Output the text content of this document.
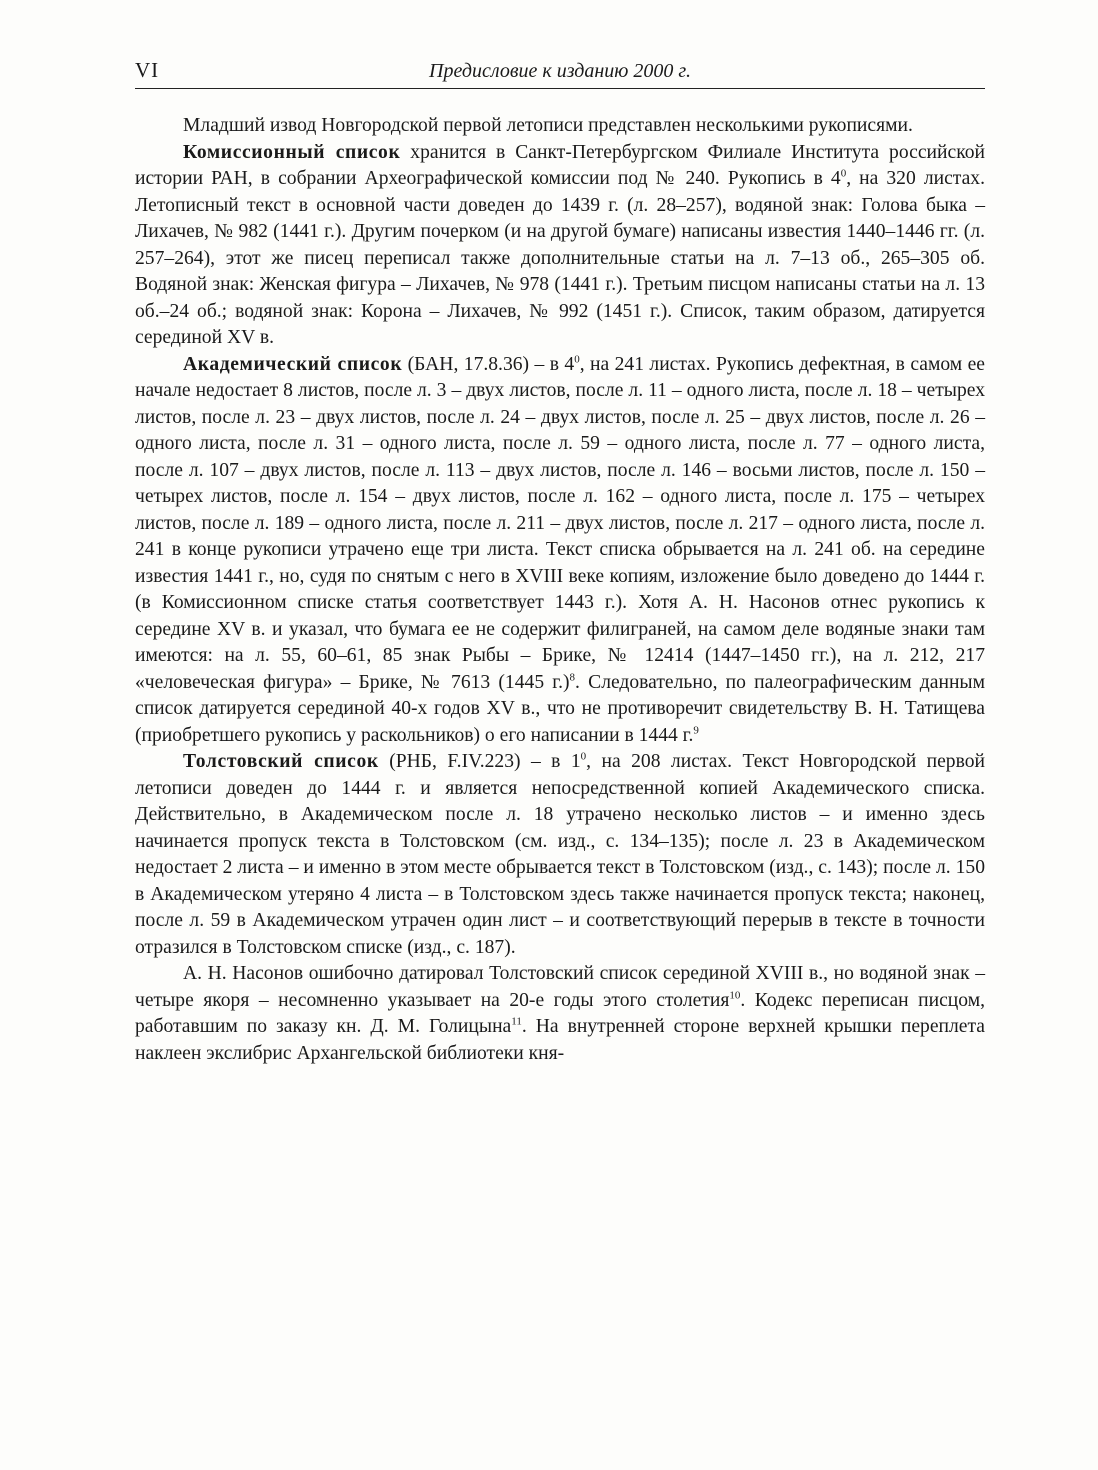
VI	Предисловие к изданию 2000 г.

Младший извод Новгородской первой летописи представлен несколькими рукописями.

Комиссионный список хранится в Санкт-Петербургском Филиале Института российской истории РАН, в собрании Археографической комиссии под № 240. Рукопись в $4^0$, на 320 листах. Летописный текст в основной части доведен до 1439 г. (л. 28–257), водяной знак: Голова быка – Лихачев, № 982 (1441 г.). Другим почерком (и на другой бумаге) написаны известия 1440–1446 гг. (л. 257–264), этот же писец переписал также дополнительные статьи на л. 7–13 об., 265–305 об. Водяной знак: Женская фигура – Лихачев, № 978 (1441 г.). Третьим писцом написаны статьи на л. 13 об.–24 об.; водяной знак: Корона – Лихачев, № 992 (1451 г.). Список, таким образом, датируется серединой XV в.

Академический список (БАН, 17.8.36) – в $4^0$, на 241 листах. Рукопись дефектная, в самом ее начале недостает 8 листов, после л. 3 – двух листов, после л. 11 – одного листа, после л. 18 – четырех листов, после л. 23 – двух листов, после л. 24 – двух листов, после л. 25 – двух листов, после л. 26 – одного листа, после л. 31 – одного листа, после л. 59 – одного листа, после л. 77 – одного листа, после л. 107 – двух листов, после л. 113 – двух листов, после л. 146 – восьми листов, после л. 150 – четырех листов, после л. 154 – двух листов, после л. 162 – одного листа, после л. 175 – четырех листов, после л. 189 – одного листа, после л. 211 – двух листов, после л. 217 – одного листа, после л. 241 в конце рукописи утрачено еще три листа. Текст списка обрывается на л. 241 об. на середине известия 1441 г., но, судя по снятым с него в XVIII веке копиям, изложение было доведено до 1444 г. (в Комиссионном списке статья соответствует 1443 г.). Хотя А. Н. Насонов отнес рукопись к середине XV в. и указал, что бумага ее не содержит филиграней, на самом деле водяные знаки там имеются: на л. 55, 60–61, 85 знак Рыбы – Брике, № 12414 (1447–1450 гг.), на л. 212, 217 «человеческая фигура» – Брике, № 7613 (1445 г.)$^8$. Следовательно, по палеографическим данным список датируется серединой 40-х годов XV в., что не противоречит свидетельству В. Н. Татищева (приобретшего рукопись у раскольников) о его написании в 1444 г.$^9$

Толстовский список (РНБ, F.IV.223) – в $1^0$, на 208 листах. Текст Новгородской первой летописи доведен до 1444 г. и является непосредственной копией Академического списка. Действительно, в Академическом после л. 18 утрачено несколько листов – и именно здесь начинается пропуск текста в Толстовском (см. изд., с. 134–135); после л. 23 в Академическом недостает 2 листа – и именно в этом месте обрывается текст в Толстовском (изд., с. 143); после л. 150 в Академическом утеряно 4 листа – в Толстовском здесь также начинается пропуск текста; наконец, после л. 59 в Академическом утрачен один лист – и соответствующий перерыв в тексте в точности отразился в Толстовском списке (изд., с. 187).

А. Н. Насонов ошибочно датировал Толстовский список серединой XVIII в., но водяной знак – четыре якоря – несомненно указывает на 20-е годы этого столетия$^{10}$. Кодекс переписан писцом, работавшим по заказу кн. Д. М. Голицына$^{11}$. На внутренней стороне верхней крышки переплета наклеен экслибрис Архангельской библиотеки кня-
